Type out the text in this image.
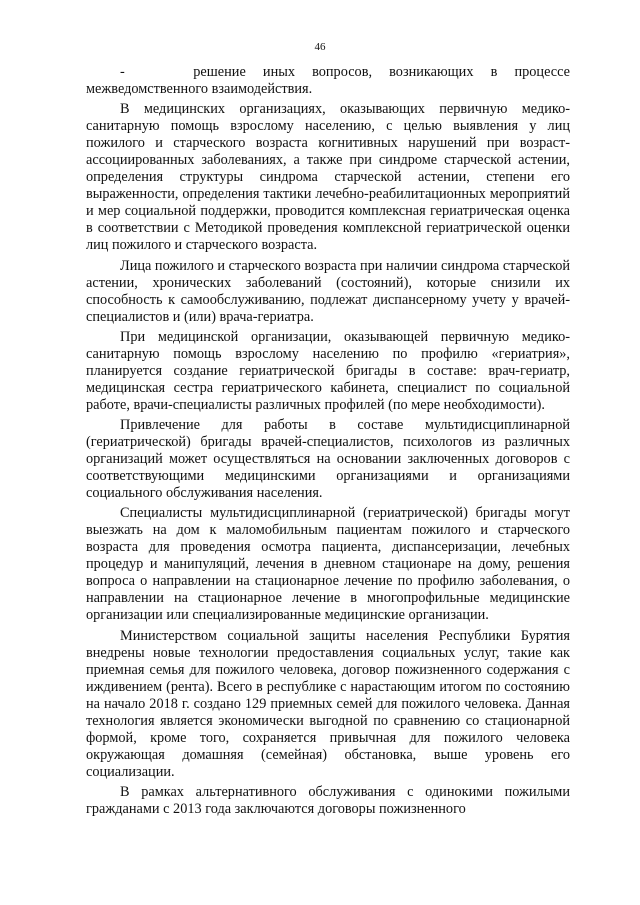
46

-    решение иных вопросов, возникающих в процессе межведомственного взаимодействия.

В медицинских организациях, оказывающих первичную медико-санитарную помощь взрослому населению, с целью выявления у лиц пожилого и старческого возраста когнитивных нарушений при возраст-ассоциированных заболеваниях, а также при синдроме старческой астении, определения структуры синдрома старческой астении, степени его выраженности, определения тактики лечебно-реабилитационных мероприятий и мер социальной поддержки, проводится комплексная гериатрическая оценка в соответствии с Методикой проведения комплексной гериатрической оценки лиц пожилого и старческого возраста.

Лица пожилого и старческого возраста при наличии синдрома старческой астении, хронических заболеваний (состояний), которые снизили их способность к самообслуживанию, подлежат диспансерному учету у врачей-специалистов и (или) врача-гериатра.

При медицинской организации, оказывающей первичную медико-санитарную помощь взрослому населению по профилю «гериатрия», планируется создание гериатрической бригады в составе: врач-гериатр, медицинская сестра гериатрического кабинета, специалист по социальной работе, врачи-специалисты различных профилей (по мере необходимости).

Привлечение для работы в составе мультидисциплинарной (гериатрической) бригады врачей-специалистов, психологов из различных организаций может осуществляться на основании заключенных договоров с соответствующими медицинскими организациями и организациями социального обслуживания населения.

Специалисты мультидисциплинарной (гериатрической) бригады могут выезжать на дом к маломобильным пациентам пожилого и старческого возраста для проведения осмотра пациента, диспансеризации, лечебных процедур и манипуляций, лечения в дневном стационаре на дому, решения вопроса о направлении на стационарное лечение по профилю заболевания, о направлении на стационарное лечение в многопрофильные медицинские организации или специализированные медицинские организации.

Министерством социальной защиты населения Республики Бурятия внедрены новые технологии предоставления социальных услуг, такие как приемная семья для пожилого человека, договор пожизненного содержания с иждивением (рента). Всего в республике с нарастающим итогом по состоянию на начало 2018 г. создано 129 приемных семей для пожилого человека. Данная технология является экономически выгодной по сравнению со стационарной формой, кроме того, сохраняется привычная для пожилого человека окружающая домашняя (семейная) обстановка, выше уровень его социализации.

В рамках альтернативного обслуживания с одинокими пожилыми гражданами с 2013 года заключаются договоры пожизненного
